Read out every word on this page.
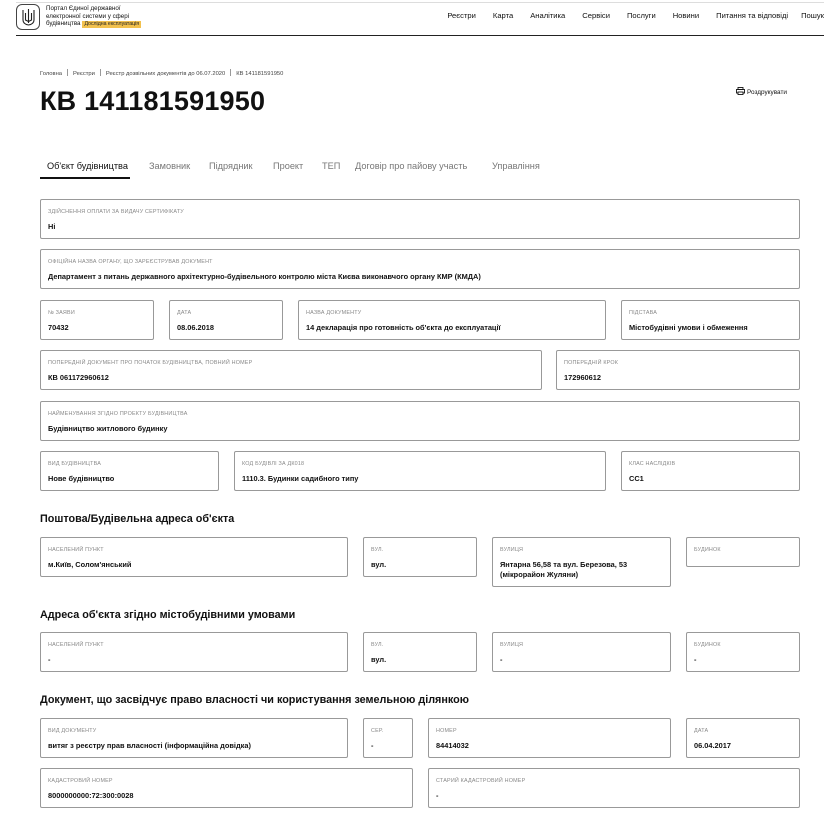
Портал Єдиної державної
електронної системи у сфері
будівництва Дослідна експлуатація
Реєстри Карта Аналітика Сервіси Послуги Новини Питання та відповіді Пошук
Головна Реєстри Реєстр дозвільних документів до 06.07.2020 КВ 141181591950
КВ 141181591950	Роздрукувати
Об'єкт будівництва Замовник Підрядник Проект ТЕП Договір про пайову участь	Управління
ЗДІЙСНЕННЯ ОПЛАТИ ЗА ВИДАЧУ СЕРТИФІКАТУ
Ні
ОФІЦІЙНА НАЗВА ОРГАНУ, ЩО ЗАРЕЄСТРУВАВ ДОКУМЕНТ
Департамент з питань державного архітектурно-будівельного контролю міста Києва виконавчого органу КМР (КМДА)
№ ЗАЯВИ
70432
ДАТА
08.06.2018
НАЗВА ДОКУМЕНТУ
14 декларація про готовність об'єкта до експлуатації
ПІДСТАВА
Містобудівні умови і обмеження
ПОПЕРЕДНІЙ ДОКУМЕНТ ПРО ПОЧАТОК БУДІВНИЦТВА, ПОВНИЙ НОМЕР
КВ 061172960612
ПОПЕРЕДНІЙ КРОК
172960612
НАЙМЕНУВАННЯ ЗГІДНО ПРОЕКТУ БУДІВНИЦТВА
Будівництво житлового будинку
ВИД БУДІВНИЦТВА
Нове будівництво
КОД БУДІВЛІ ЗА ДК018
1110.3. Будинки садибного типу
КЛАС НАСЛІДКІВ
СС1
Поштова/Будівельна адреса об'єкта
НАСЕЛЕНИЙ ПУНКТ
м.Київ, Солом'янський
ВУЛ.
вул.
ВУЛИЦЯ
Янтарна 56,58 та вул. Березова, 53
(мікрорайон Жуляни)
БУДИНОК
Адреса об'єкта згідно містобудівними умовами
НАСЕЛЕНИЙ ПУНКТ
-
ВУЛ.
вул.
ВУЛИЦЯ
-
БУДИНОК
-
Документ, що засвідчує право власності чи користування земельною ділянкою
ВИД ДОКУМЕНТУ
витяг з реєстру прав власності (інформаційна довідка)
СЕР.
-
НОМЕР
84414032
ДАТА
06.04.2017
КАДАСТРОВИЙ НОМЕР
8000000000:72:300:0028
СТАРИЙ КАДАСТРОВИЙ НОМЕР
-
